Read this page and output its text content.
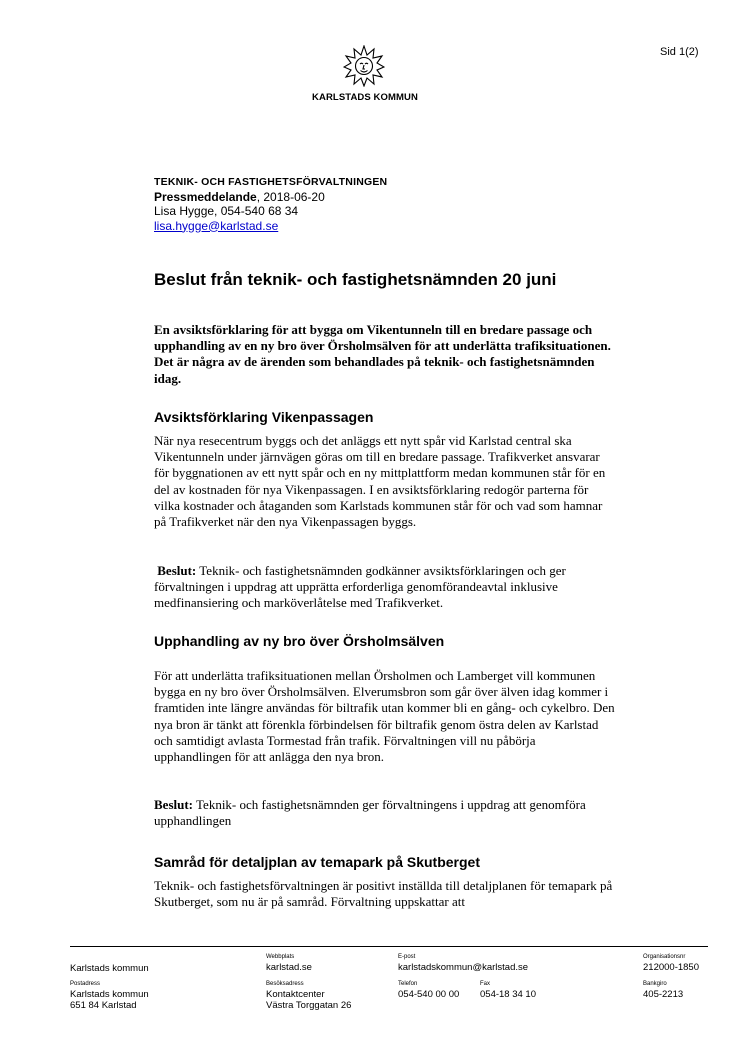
Sid 1(2)
KARLSTADS KOMMUN
TEKNIK- OCH FASTIGHETSFÖRVALTNINGEN
Pressmeddelande, 2018-06-20
Lisa Hygge, 054-540 68 34
lisa.hygge@karlstad.se
Beslut från teknik- och fastighetsnämnden 20 juni
En avsiktsförklaring för att bygga om Vikentunneln till en bredare passage och upphandling av en ny bro över Örsholmsälven för att underlätta trafiksituationen. Det är några av de ärenden som behandlades på teknik- och fastighetsnämnden idag.
Avsiktsförklaring Vikenpassagen
När nya resecentrum byggs och det anläggs ett nytt spår vid Karlstad central ska Vikentunneln under järnvägen göras om till en bredare passage. Trafikverket ansvarar för byggnationen av ett nytt spår och en ny mittplattform medan kommunen står för en del av kostnaden för nya Vikenpassagen. I en avsiktsförklaring redogör parterna för vilka kostnader och åtaganden som Karlstads kommunen står för och vad som hamnar på Trafikverket när den nya Vikenpassagen byggs.
Beslut: Teknik- och fastighetsnämnden godkänner avsiktsförklaringen och ger förvaltningen i uppdrag att upprätta erforderliga genomförandeavtal inklusive medfinansiering och marköverlåtelse med Trafikverket.
Upphandling av ny bro över Örsholmsälven
För att underlätta trafiksituationen mellan Örsholmen och Lamberget vill kommunen bygga en ny bro över Örsholmsälven. Elverumsbron som går över älven idag kommer i framtiden inte längre användas för biltrafik utan kommer bli en gång- och cykelbro. Den nya bron är tänkt att förenkla förbindelsen för biltrafik genom östra delen av Karlstad och samtidigt avlasta Tormestad från trafik. Förvaltningen vill nu påbörja upphandlingen för att anlägga den nya bron.
Beslut: Teknik- och fastighetsnämnden ger förvaltningens i uppdrag att genomföra upphandlingen
Samråd för detaljplan av temapark på Skutberget
Teknik- och fastighetsförvaltningen är positivt inställda till detaljplanen för temapark på Skutberget, som nu är på samråd. Förvaltning uppskattar att
Karlstads kommun
Webbplats
karlstad.se
E-post
karlstadskommun@karlstad.se
Organisationsnr
212000-1850
Postadress
Karlstads kommun
651 84 Karlstad
Besöksadress
Kontaktcenter
Västra Torggatan 26
Telefon
054-540 00 00
Fax
054-18 34 10
Bankgiro
405-2213
